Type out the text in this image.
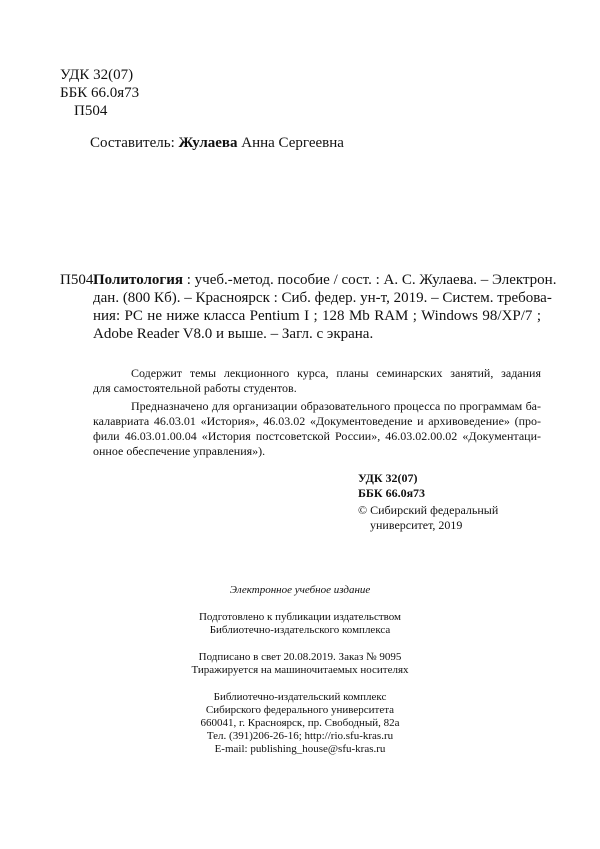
УДК 32(07)
ББК 66.0я73
П504
Составитель: Жулаева Анна Сергеевна
П504 Политология : учеб.-метод. пособие / сост. : А. С. Жулаева. – Электрон.
дан. (800 Кб). – Красноярск : Сиб. федер. ун-т, 2019. – Систем. требова-
ния: PC не ниже класса Pentium I ; 128 Mb RAM ; Windows 98/XP/7 ;
Adobe Reader V8.0 и выше. – Загл. с экрана.
Содержит темы лекционного курса, планы семинарских занятий, задания
для самостоятельной работы студентов.
Предназначено для организации образовательного процесса по программам ба-
калавриата 46.03.01 «История», 46.03.02 «Документоведение и архивоведение» (про-
фили 46.03.01.00.04 «История постсоветской России», 46.03.02.00.02 «Документаци-
онное обеспечение управления»).
УДК 32(07)
ББК 66.0я73
© Сибирский федеральный
университет, 2019
Электронное учебное издание
Подготовлено к публикации издательством
Библиотечно-издательского комплекса
Подписано в свет 20.08.2019. Заказ № 9095
Тиражируется на машиночитаемых носителях
Библиотечно-издательский комплекс
Сибирского федерального университета
660041, г. Красноярск, пр. Свободный, 82а
Тел. (391)206-26-16; http://rio.sfu-kras.ru
E-mail: publishing_house@sfu-kras.ru
